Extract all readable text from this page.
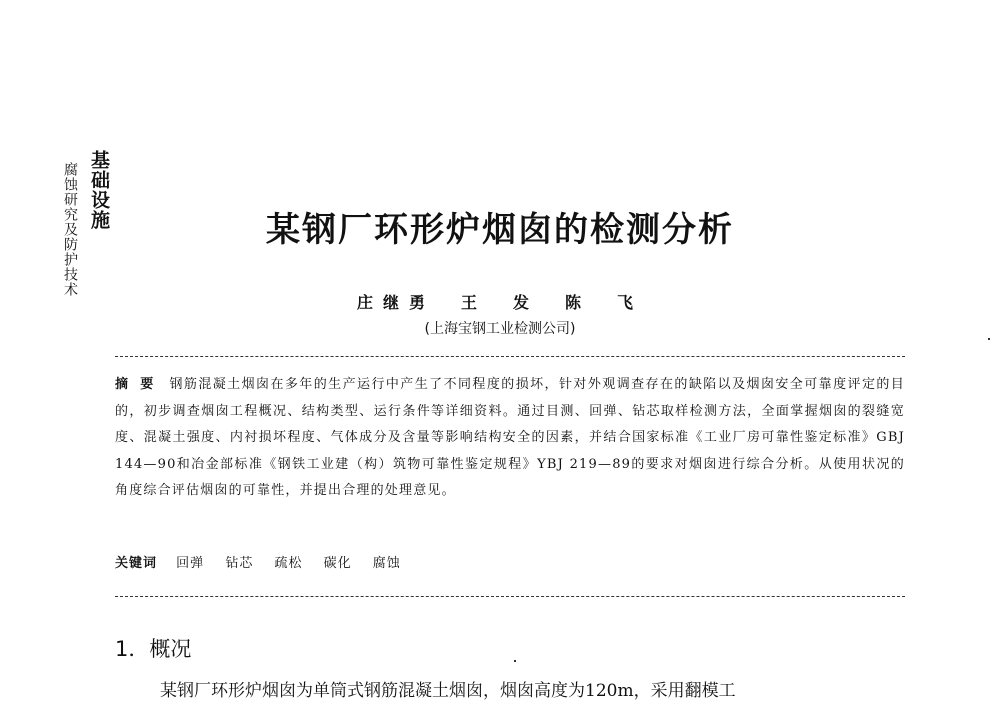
基础设施
腐蚀研究及防护技术	某钢厂环形炉烟囱的检测分析
庄继勇　王　发　陈　飞
(上海宝钢工业检测公司)
摘要 钢筋混凝土烟囱在多年的生产运行中产生了不同程度的损坏，针对外观调查存在的缺陷以及烟囱安全可靠度评定的目的，初步调查烟囱工程概况、结构类型、运行条件等详细资料。通过目测、回弹、钻芯取样检测方法，全面掌握烟囱的裂缝宽度、混凝土强度、内衬损坏程度、气体成分及含量等影响结构安全的因素，并结合国家标准《工业厂房可靠性鉴定标准》GBJ 144—90和冶金部标准《钢铁工业建（构）筑物可靠性鉴定规程》YBJ 219—89的要求对烟囱进行综合分析。从使用状况的角度综合评估烟囱的可靠性，并提出合理的处理意见。
关键词 回弹 钻芯 疏松 碳化 腐蚀
1．概况
某钢厂环形炉烟囱为单筒式钢筋混凝土烟囱，烟囱高度为120m，采用翻模工
